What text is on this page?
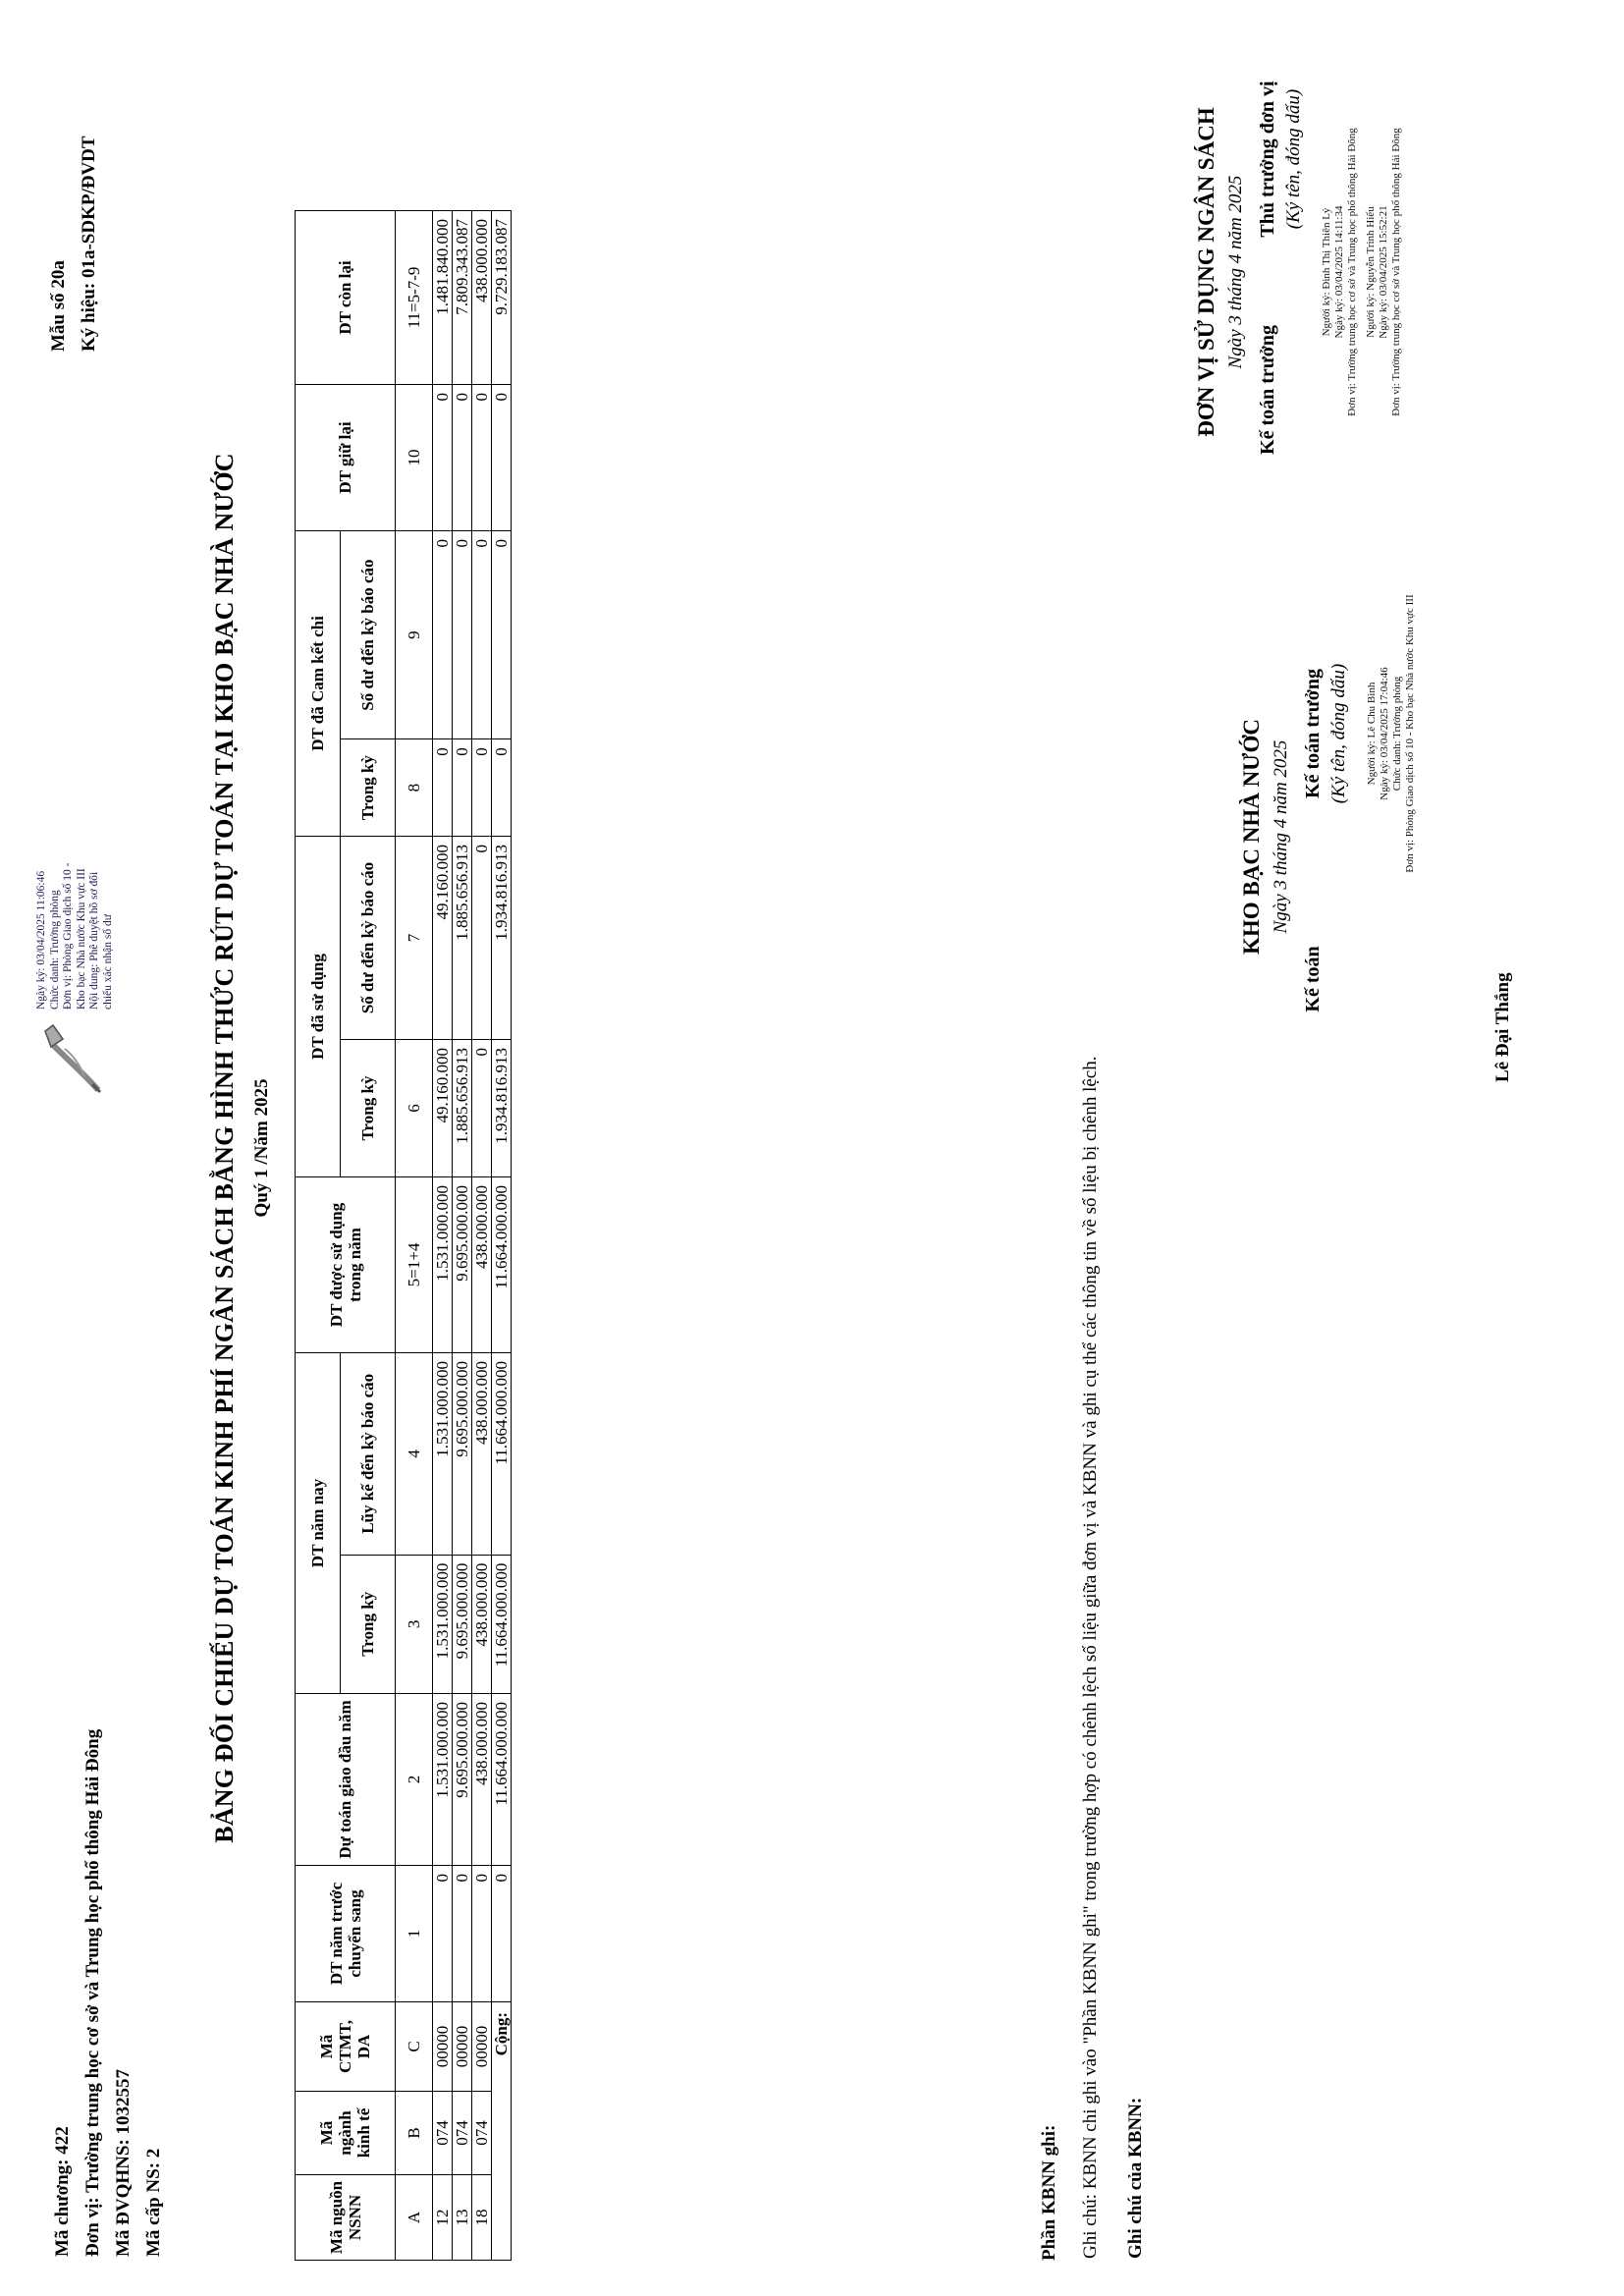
Mã chương: 422 Đơn vị: Trường trung học cơ sở và Trung học phổ thông Hải Đông Mã ĐVQHNS: 1032557 Mã cấp NS: 2
Mẫu số 20a Ký hiệu: 01a-SDKP/ĐVDT
Ngày ký: 03/04/2025 11:06:46 Chức danh: Trưởng phòng Đơn vị: Phòng Giao dịch số 10 - Kho bạc Nhà nước Khu vực III Nội dung: Phê duyệt hồ sơ đối chiếu xác nhận số dư	BẢNG ĐỐI CHIẾU DỰ TOÁN KINH PHÍ NGÂN SÁCH BẰNG HÌNH THỨC RÚT DỰ TOÁN TẠI KHO BẠC NHÀ NƯỚC Quý 1 /Năm 2025
Mã nguồn NSNN	Mã ngành kinh tế	Mã CTMT, DA	DT năm trước chuyển sang	Dự toán giao đầu năm	DT năm nay		DT được sử dụng trong năm	DT đã sử dụng		DT đã Cam kết chi		DT giữ lại	DT còn lại
					Trong kỳ	Lũy kế đến kỳ báo cáo		Trong kỳ	Số dư đến kỳ báo cáo	Trong kỳ	Số dư đến kỳ báo cáo		

A	B	C	1	2	3	4	5=1+4	6	7	8	9	10	11=5-7-9
12	074	00000	0	1.531.000.000	1.531.000.000	1.531.000.000	1.531.000.000	49.160.000	49.160.000	0	0	0	1.481.840.000
13	074	00000	0	9.695.000.000	9.695.000.000	9.695.000.000	9.695.000.000	1.885.656.913	1.885.656.913	0	0	0	7.809.343.087
18	074	00000	0	438.000.000	438.000.000	438.000.000	438.000.000	0	0	0	0	0	438.000.000
Cộng:			0	11.664.000.000	11.664.000.000	11.664.000.000	11.664.000.000	1.934.816.913	1.934.816.913	0	0	0	9.729.183.087
Phần KBNN ghi: Ghi chú: KBNN chi ghi vào "Phần KBNN ghi" trong trường hợp có chênh lệch số liệu giữa đơn vị và KBNN và ghi cụ thể các thông tin về số liệu bị chênh lệch. Ghi chú của KBNN:
KHO BẠC NHÀ NƯỚC Ngày 3 tháng 4 năm 2025
Kế toán
Kế toán trưởng (Ký tên, đóng dấu) Người ký: Lê Chu Bình Ngày ký: 03/04/2025 17:04:46 Chức danh: Trưởng phòng Đơn vị: Phòng Giao dịch số 10 - Kho bạc Nhà nước Khu vực III
Lê Đại Thắng
ĐƠN VỊ SỬ DỤNG NGÂN SÁCH Ngày 3 tháng 4 năm 2025
Kế toán trưởng
Thủ trưởng đơn vị (Ký tên, đóng dấu)
Người ký: Đinh Thị Thiên Lý Ngày ký: 03/04/2025 14:11:34 Đơn vị: Trường trung học cơ sở và Trung học phổ thông Hải Đông Người ký: Nguyễn Trình Hiếu Ngày ký: 03/04/2025 15:52:21 Đơn vị: Trường trung học cơ sở và Trung học phổ thông Hải Đông
